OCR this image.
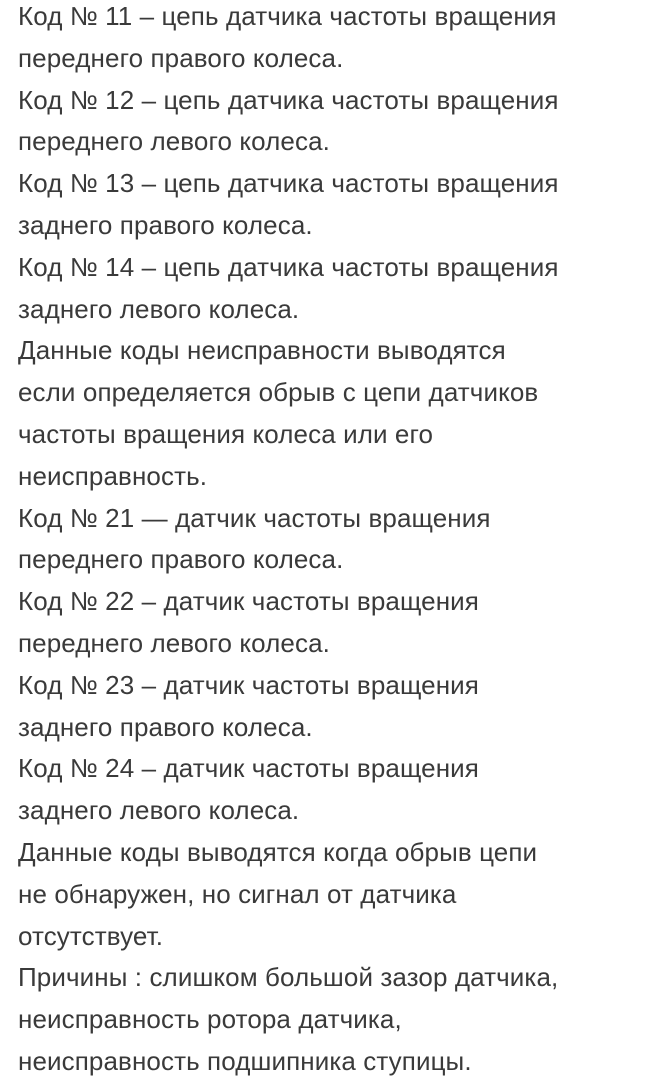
Код № 11 – цепь датчика частоты вращения
переднего правого колеса.

Код № 12 – цепь датчика частоты вращения
переднего левого колеса.

Код № 13 – цепь датчика частоты вращения
заднего правого колеса.

Код № 14 – цепь датчика частоты вращения
заднего левого колеса.

Данные коды неисправности выводятся
если определяется обрыв с цепи датчиков
частоты вращения колеса или его
неисправность.

Код № 21 — датчик частоты вращения
переднего правого колеса.

Код № 22 – датчик частоты вращения
переднего левого колеса.

Код № 23 – датчик частоты вращения
заднего правого колеса.

Код № 24 – датчик частоты вращения
заднего левого колеса.

Данные коды выводятся когда обрыв цепи
не обнаружен, но сигнал от датчика
отсутствует.

Причины : слишком большой зазор датчика,
неисправность ротора датчика,
неисправность подшипника ступицы.
